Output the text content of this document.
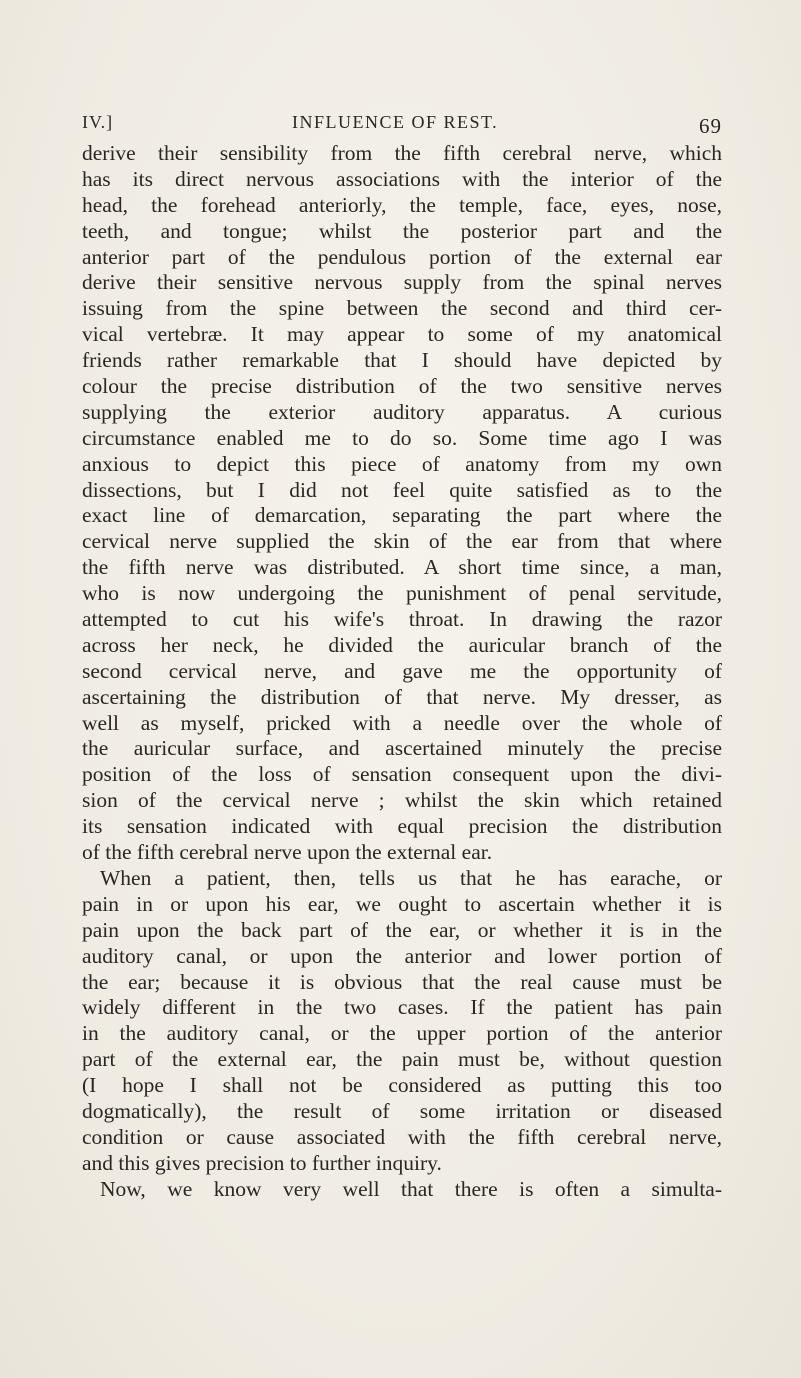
IV.]	INFLUENCE OF REST.	69
derive their sensibility from the fifth cerebral nerve, which
has its direct nervous associations with the interior of the
head, the forehead anteriorly, the temple, face, eyes, nose,
teeth, and tongue; whilst the posterior part and the
anterior part of the pendulous portion of the external ear
derive their sensitive nervous supply from the spinal nerves
issuing from the spine between the second and third cer-
vical vertebræ. It may appear to some of my anatomical
friends rather remarkable that I should have depicted by
colour the precise distribution of the two sensitive nerves
supplying the exterior auditory apparatus. A curious
circumstance enabled me to do so. Some time ago I was
anxious to depict this piece of anatomy from my own
dissections, but I did not feel quite satisfied as to the
exact line of demarcation, separating the part where the
cervical nerve supplied the skin of the ear from that where
the fifth nerve was distributed. A short time since, a man,
who is now undergoing the punishment of penal servitude,
attempted to cut his wife's throat. In drawing the razor
across her neck, he divided the auricular branch of the
second cervical nerve, and gave me the opportunity of
ascertaining the distribution of that nerve. My dresser, as
well as myself, pricked with a needle over the whole of
the auricular surface, and ascertained minutely the precise
position of the loss of sensation consequent upon the divi-
sion of the cervical nerve ; whilst the skin which retained
its sensation indicated with equal precision the distribution
of the fifth cerebral nerve upon the external ear.
When a patient, then, tells us that he has earache, or
pain in or upon his ear, we ought to ascertain whether it is
pain upon the back part of the ear, or whether it is in the
auditory canal, or upon the anterior and lower portion of
the ear; because it is obvious that the real cause must be
widely different in the two cases. If the patient has pain
in the auditory canal, or the upper portion of the anterior
part of the external ear, the pain must be, without question
(I hope I shall not be considered as putting this too
dogmatically), the result of some irritation or diseased
condition or cause associated with the fifth cerebral nerve,
and this gives precision to further inquiry.
Now, we know very well that there is often a simulta-
